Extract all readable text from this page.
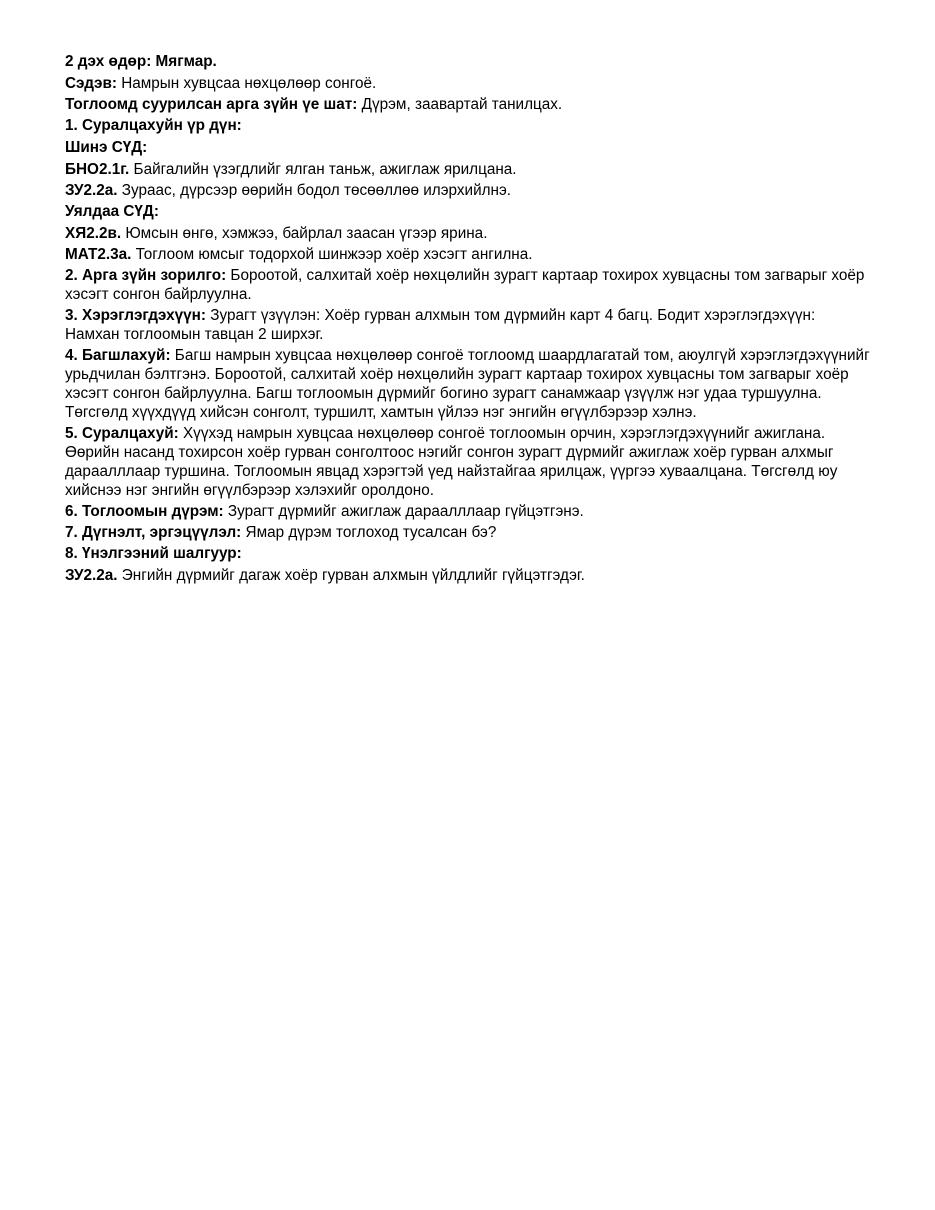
2 дэх өдөр: Мягмар.
Сэдэв: Намрын хувцсаа нөхцөлөөр сонгоё.
Тоглоомд суурилсан арга зүйн үе шат: Дүрэм, заавартай танилцах.
1. Суралцахуйн үр дүн:
Шинэ СҮД:
БНО2.1г. Байгалийн үзэгдлийг ялган таньж, ажиглаж ярилцана.
ЗУ2.2а. Зураас, дүрсээр өөрийн бодол төсөөллөө илэрхийлнэ.
Уялдаа СҮД:
ХЯ2.2в. Юмсын өнгө, хэмжээ, байрлал заасан үгээр ярина.
МАТ2.3а. Тоглоом юмсыг тодорхой шинжээр хоёр хэсэгт ангилна.
2. Арга зүйн зорилго: Бороотой, салхитай хоёр нөхцөлийн зурагт картаар тохирох хувцасны том загварыг хоёр хэсэгт сонгон байрлуулна.
3. Хэрэглэгдэхүүн: Зурагт үзүүлэн: Хоёр гурван алхмын том дүрмийн карт 4 багц. Бодит хэрэглэгдэхүүн: Намхан тоглоомын тавцан 2 ширхэг.
4. Багшлахуй: Багш намрын хувцсаа нөхцөлөөр сонгоё тоглоомд шаардлагатай том, аюулгүй хэрэглэгдэхүүнийг урьдчилан бэлтгэнэ. Бороотой, салхитай хоёр нөхцөлийн зурагт картаар тохирох хувцасны том загварыг хоёр хэсэгт сонгон байрлуулна. Багш тоглоомын дүрмийг богино зурагт санамжаар үзүүлж нэг удаа туршуулна. Төгсгөлд хүүхдүүд хийсэн сонголт, туршилт, хамтын үйлээ нэг энгийн өгүүлбэрээр хэлнэ.
5. Суралцахуй: Хүүхэд намрын хувцсаа нөхцөлөөр сонгоё тоглоомын орчин, хэрэглэгдэхүүнийг ажиглана. Өөрийн насанд тохирсон хоёр гурван сонголтоос нэгийг сонгон зурагт дүрмийг ажиглаж хоёр гурван алхмыг дараалллаар туршина. Тоглоомын явцад хэрэгтэй үед найзтайгаа ярилцаж, үүргээ хуваалцана. Төгсгөлд юу хийснээ нэг энгийн өгүүлбэрээр хэлэхийг оролдоно.
6. Тоглоомын дүрэм: Зурагт дүрмийг ажиглаж дараалллаар гүйцэтгэнэ.
7. Дүгнэлт, эргэцүүлэл: Ямар дүрэм тоглоход тусалсан бэ?
8. Үнэлгээний шалгуур:
ЗУ2.2а. Энгийн дүрмийг дагаж хоёр гурван алхмын үйлдлийг гүйцэтгэдэг.
